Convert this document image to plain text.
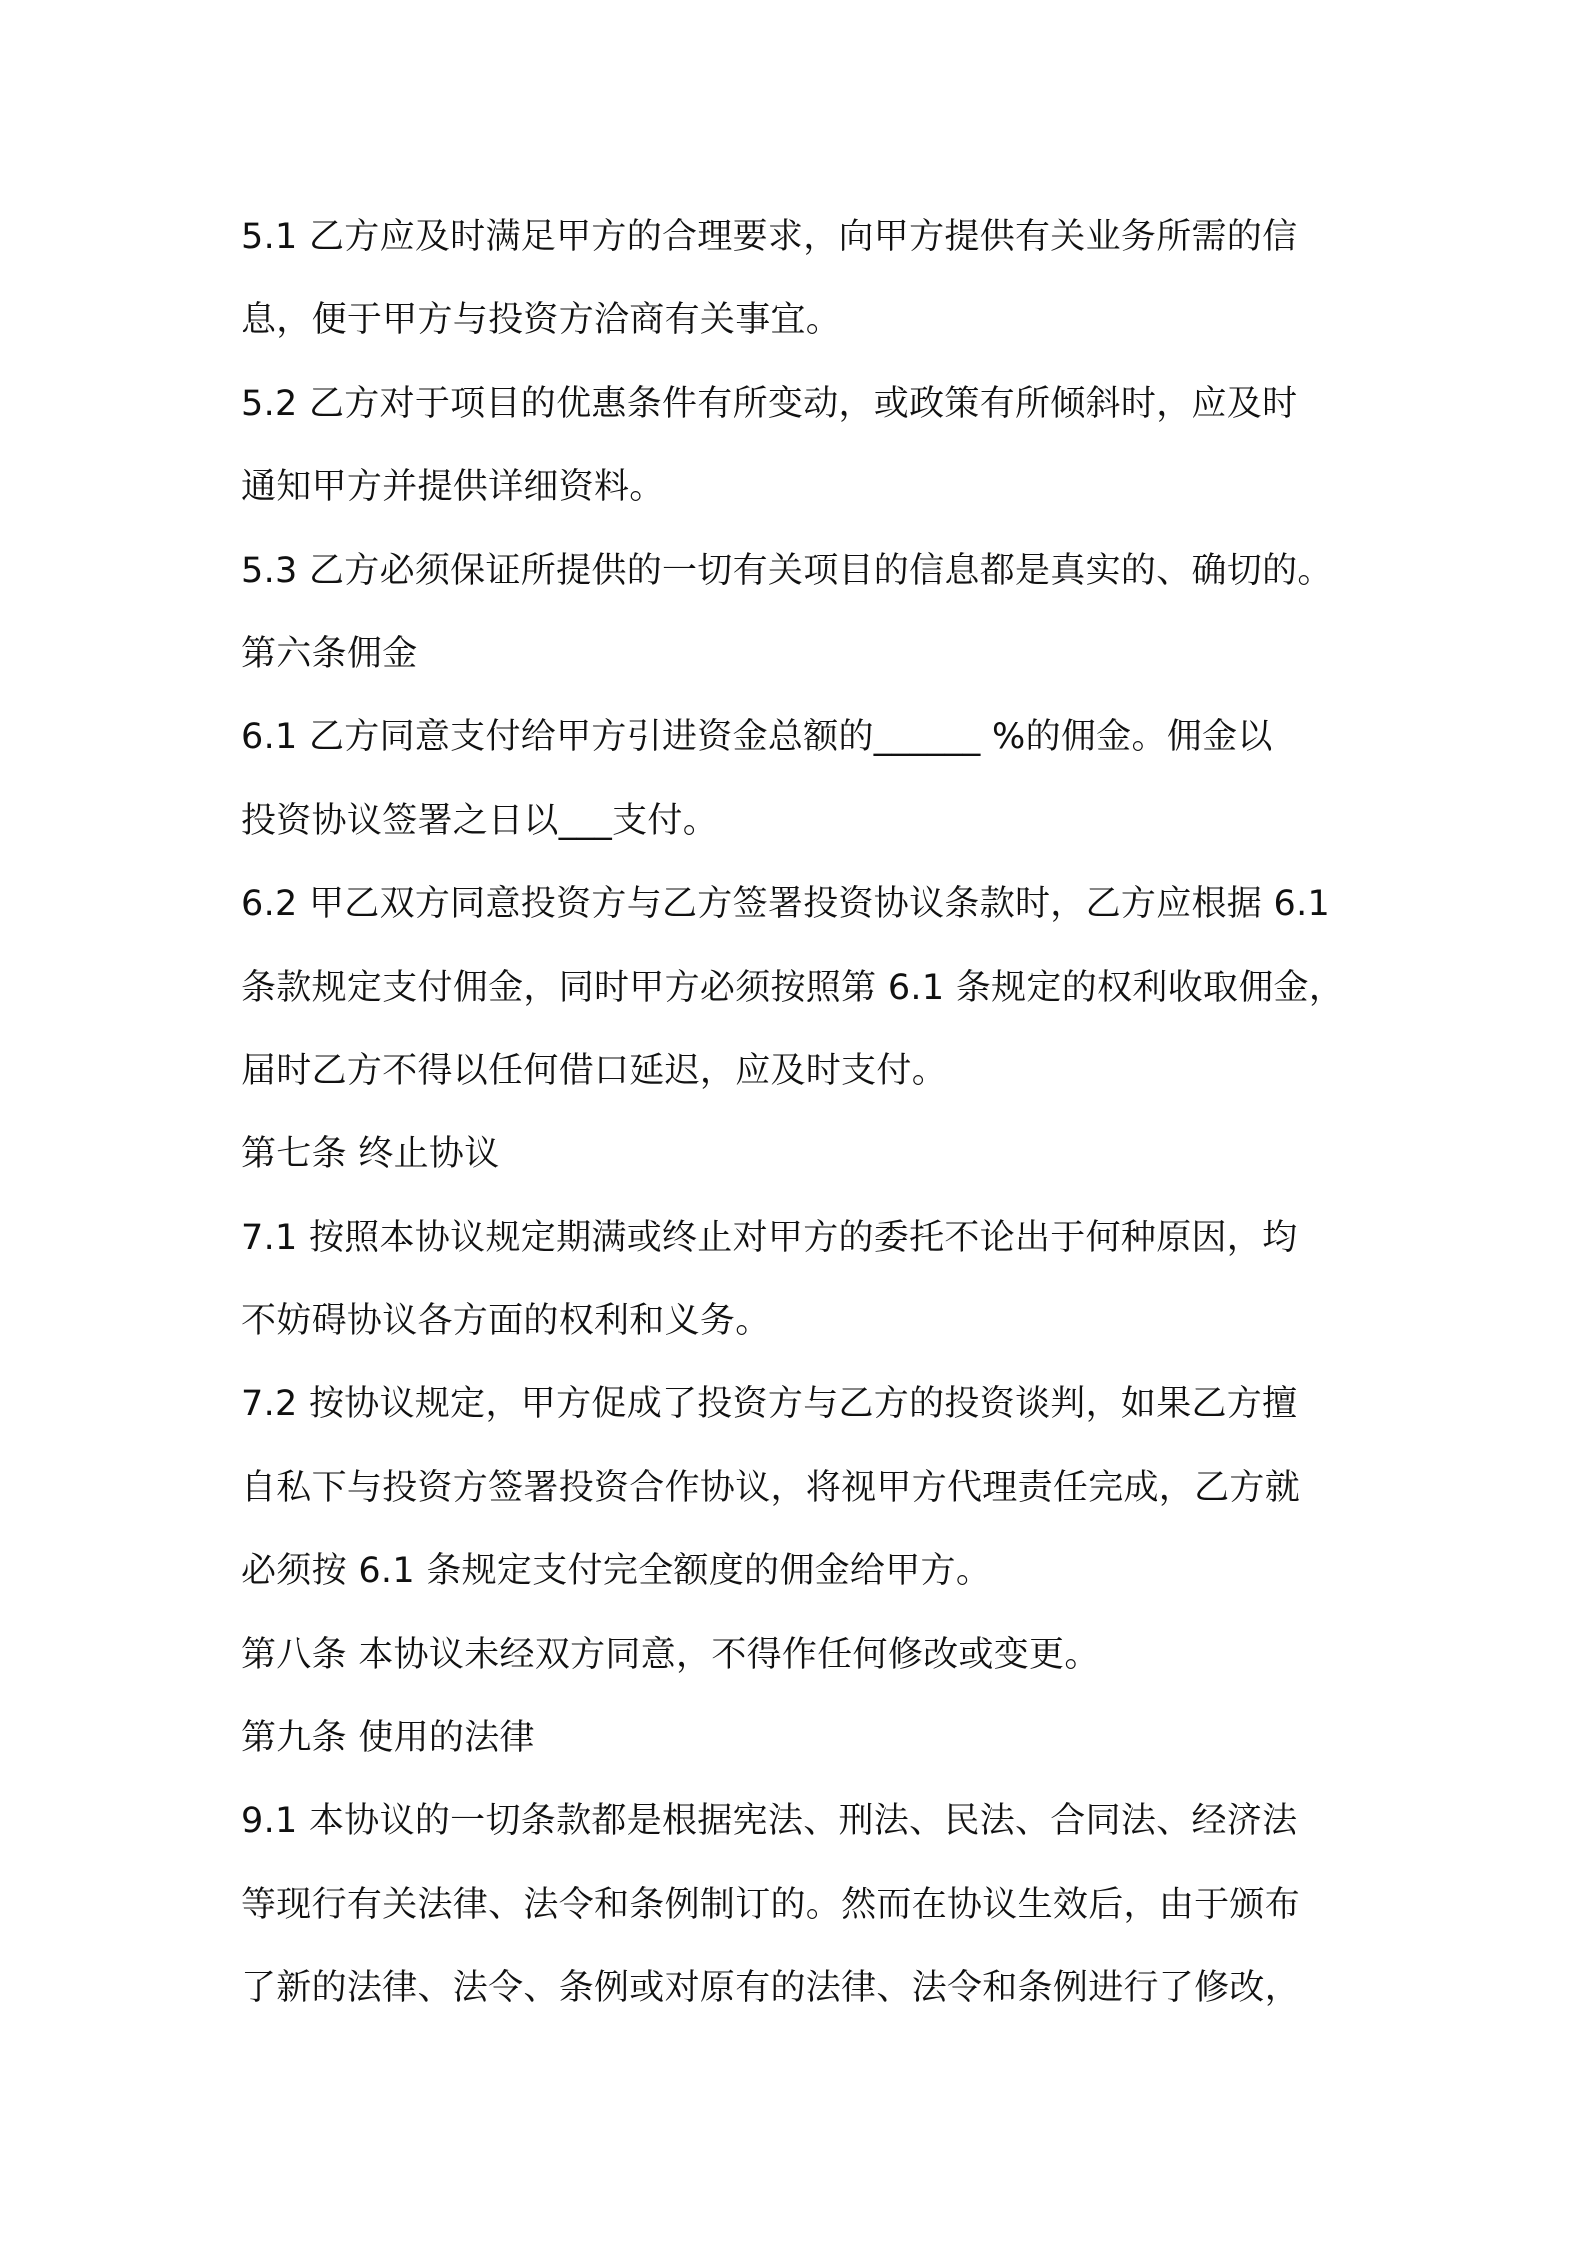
5.1 乙方应及时满足甲方的合理要求，向甲方提供有关业务所需的信
息，便于甲方与投资方洽商有关事宜。
5.2 乙方对于项目的优惠条件有所变动，或政策有所倾斜时，应及时
通知甲方并提供详细资料。
5.3 乙方必须保证所提供的一切有关项目的信息都是真实的、确切的。
第六条佣金
6.1 乙方同意支付给甲方引进资金总额的______ %的佣金。佣金以
投资协议签署之日以___支付。
6.2 甲乙双方同意投资方与乙方签署投资协议条款时，乙方应根据 6.1
条款规定支付佣金，同时甲方必须按照第 6.1 条规定的权利收取佣金，
届时乙方不得以任何借口延迟，应及时支付。
第七条 终止协议
7.1 按照本协议规定期满或终止对甲方的委托不论出于何种原因，均
不妨碍协议各方面的权利和义务。
7.2 按协议规定，甲方促成了投资方与乙方的投资谈判，如果乙方擅
自私下与投资方签署投资合作协议，将视甲方代理责任完成，乙方就
必须按 6.1 条规定支付完全额度的佣金给甲方。
第八条 本协议未经双方同意，不得作任何修改或变更。
第九条 使用的法律
9.1 本协议的一切条款都是根据宪法、刑法、民法、合同法、经济法
等现行有关法律、法令和条例制订的。然而在协议生效后，由于颁布
了新的法律、法令、条例或对原有的法律、法令和条例进行了修改，
